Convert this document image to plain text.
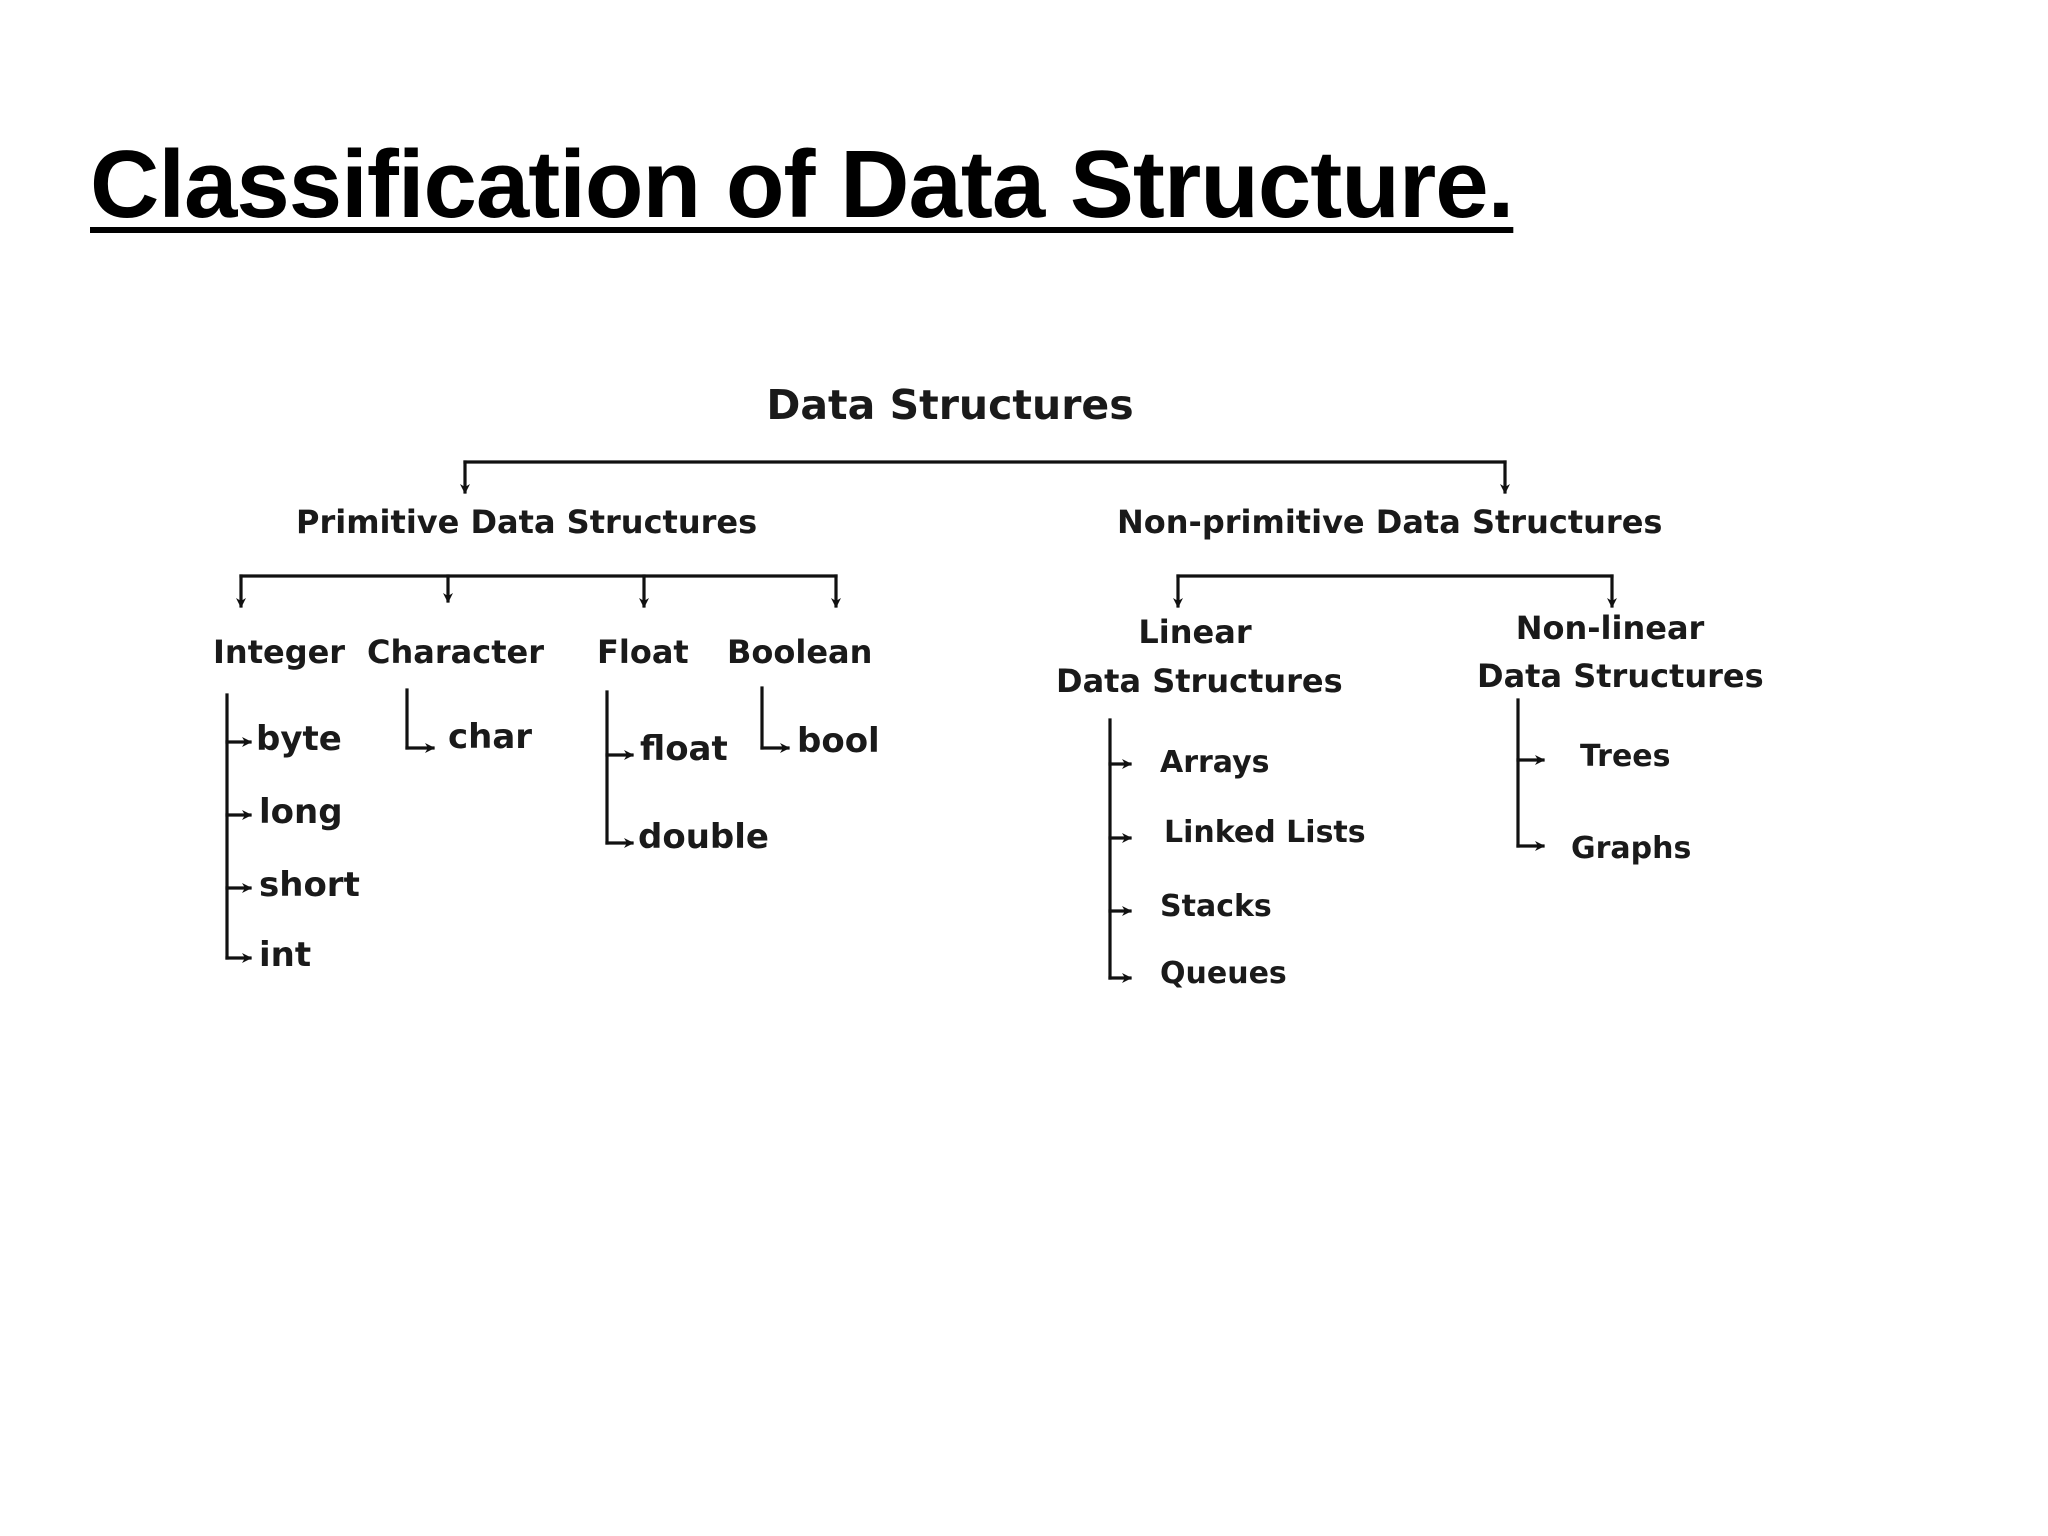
Classification of Data Structure.

Data Structures

Primitive Data Structures	Non-primitive Data Structures

Integer Character Float Boolean

byte

long

short

int

char	float

double

bool

Linear

Data Structures

Non-linear

Data Structures

Arrays

Linked Lists

Stacks

Queues

Trees

Graphs
